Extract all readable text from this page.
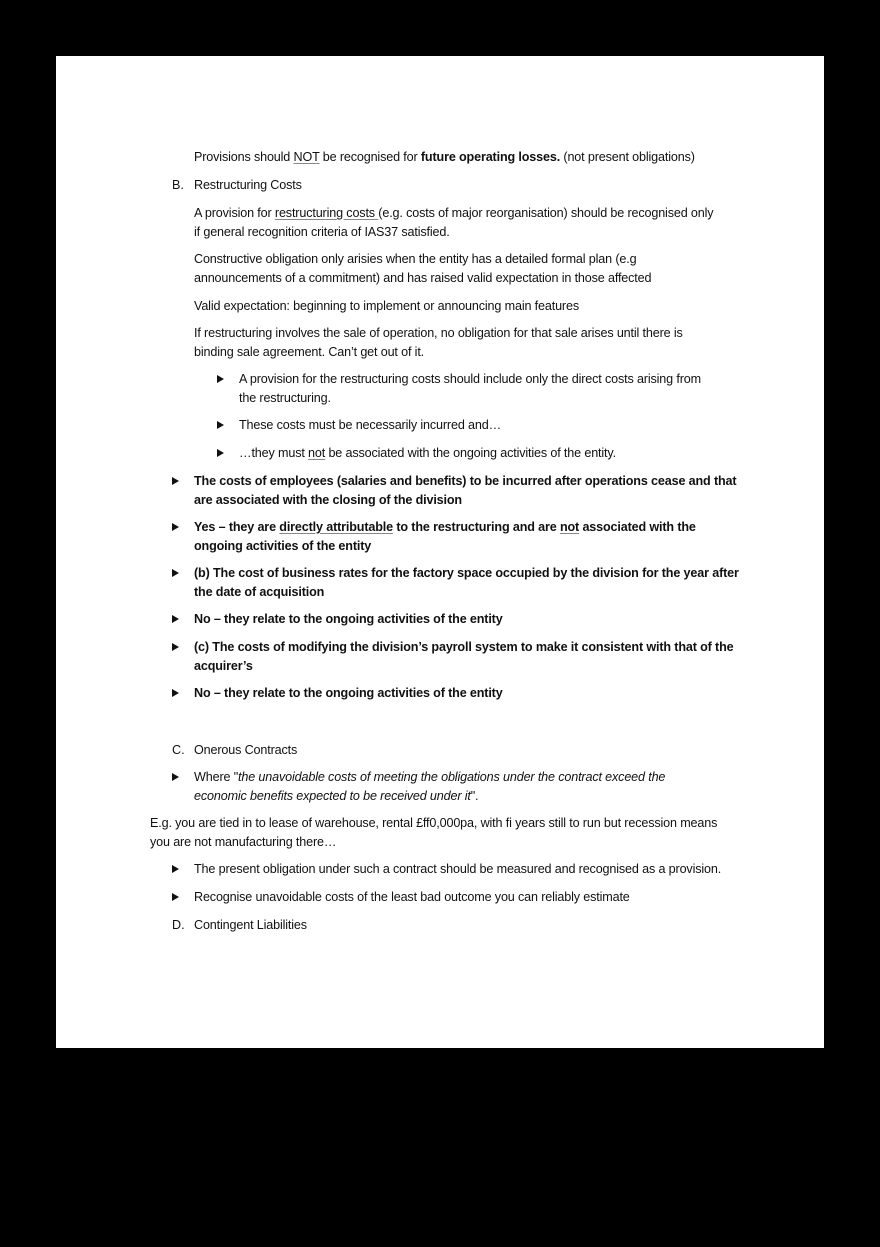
Provisions should NOT be recognised for future operating losses. (not present obligations)
B. Restructuring Costs
A provision for restructuring costs (e.g. costs of major reorganisation) should be recognised only
if general recognition criteria of IAS37 satisfied.
Constructive obligation only arisies when the entity has a detailed formal plan (e.g
announcements of a commitment) and has raised valid expectation in those affected
Valid expectation: beginning to implement or announcing main features
If restructuring involves the sale of operation, no obligation for that sale arises until there is
binding sale agreement. Can’t get out of it.
A provision for the restructuring costs should include only the direct costs arising from
the restructuring.
These costs must be necessarily incurred and…
…they must not be associated with the ongoing activities of the entity.
The costs of employees (salaries and benefits) to be incurred after operations cease and that
are associated with the closing of the division
Yes – they are directly attributable to the restructuring and are not associated with the
ongoing activities of the entity
(b) The cost of business rates for the factory space occupied by the division for the year after
the date of acquisition
No – they relate to the ongoing activities of the entity
(c) The costs of modifying the division’s payroll system to make it consistent with that of the
acquirer’s
No – they relate to the ongoing activities of the entity
C. Onerous Contracts
Where "the unavoidable costs of meeting the obligations under the contract exceed the
economic benefits expected to be received under it".
E.g. you are tied in to lease of warehouse, rental £ff0,000pa, with fi years still to run but recession means
you are not manufacturing there…
The present obligation under such a contract should be measured and recognised as a provision.
Recognise unavoidable costs of the least bad outcome you can reliably estimate
D. Contingent Liabilities
